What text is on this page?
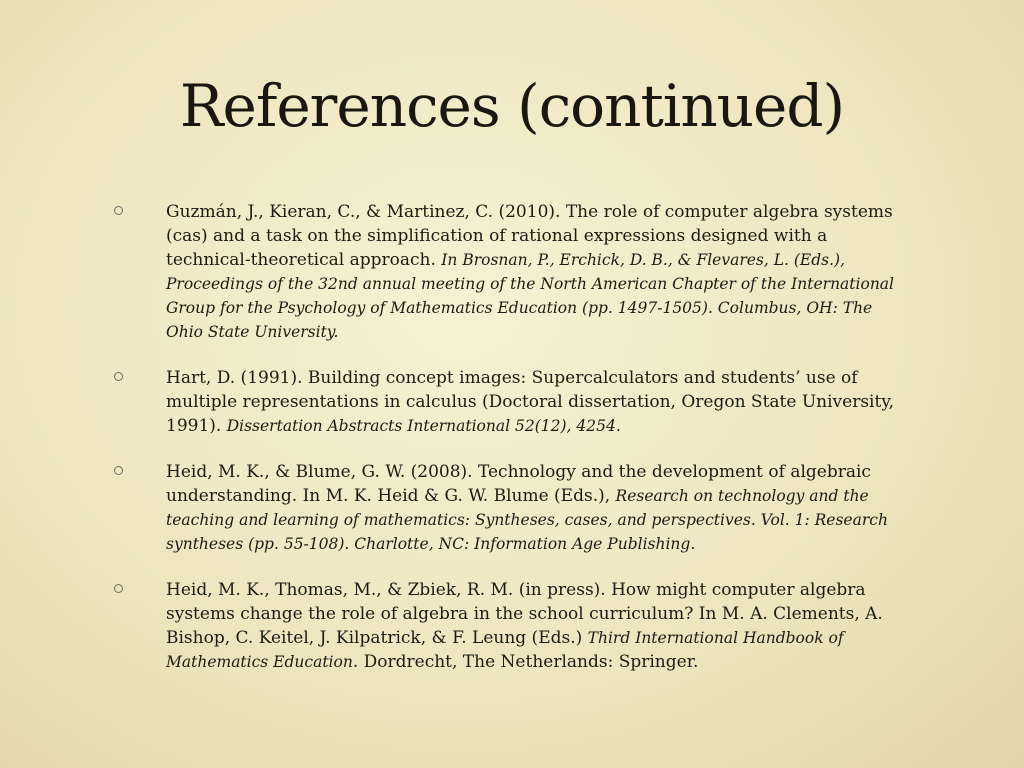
References (continued)
Guzmán, J., Kieran, C., & Martinez, C. (2010). The role of computer algebra systems (cas) and a task on the simplification of rational expressions designed with a technical-theoretical approach. In Brosnan, P., Erchick, D. B., & Flevares, L. (Eds.), Proceedings of the 32nd annual meeting of the North American Chapter of the International Group for the Psychology of Mathematics Education (pp. 1497-1505). Columbus, OH: The Ohio State University.
Hart, D. (1991). Building concept images: Supercalculators and students’ use of multiple representations in calculus (Doctoral dissertation, Oregon State University, 1991). Dissertation Abstracts International 52(12), 4254.
Heid, M. K., & Blume, G. W. (2008). Technology and the development of algebraic understanding. In M. K. Heid & G. W. Blume (Eds.), Research on technology and the teaching and learning of mathematics: Syntheses, cases, and perspectives. Vol. 1: Research syntheses (pp. 55-108). Charlotte, NC: Information Age Publishing.
Heid, M. K., Thomas, M., & Zbiek, R. M. (in press). How might computer algebra systems change the role of algebra in the school curriculum? In M. A. Clements, A. Bishop, C. Keitel, J. Kilpatrick, & F. Leung (Eds.) Third International Handbook of Mathematics Education. Dordrecht, The Netherlands: Springer.
